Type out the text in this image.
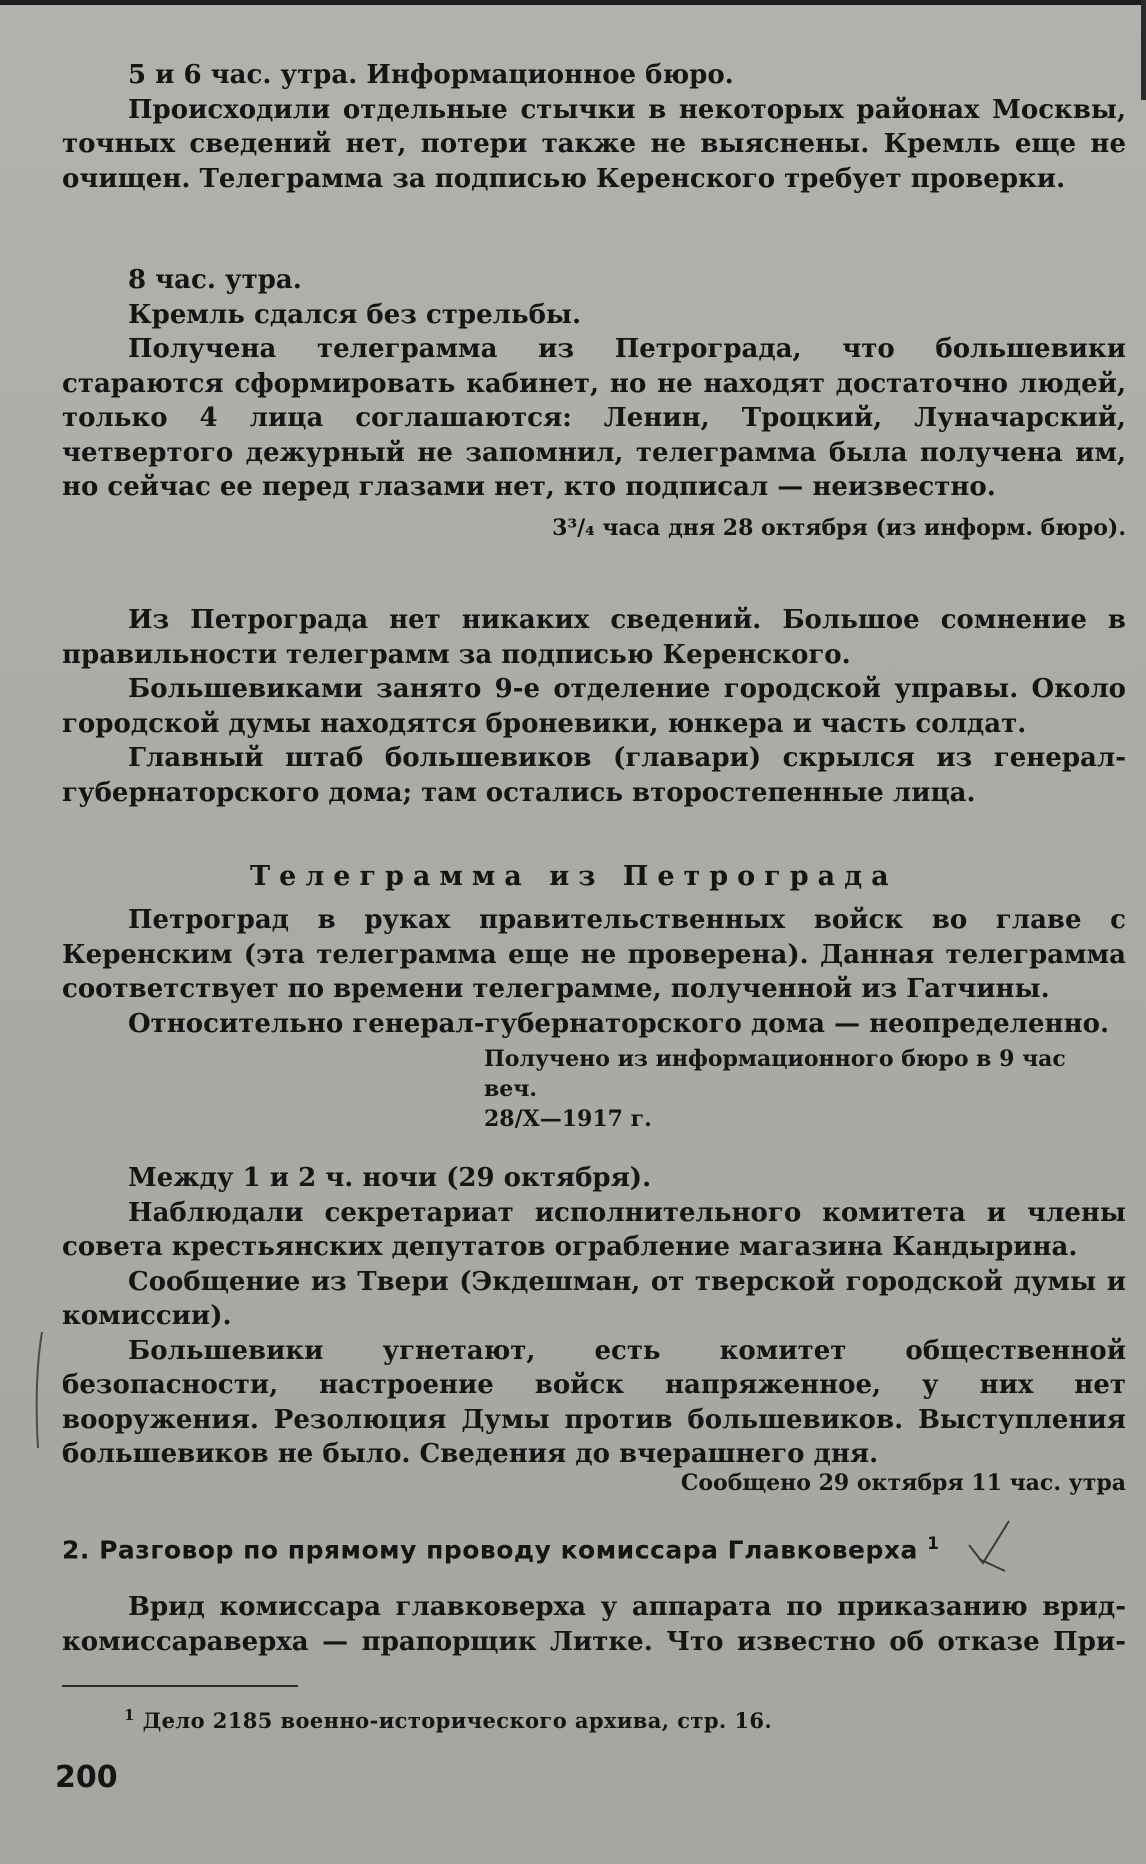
5 и 6 час. утра. Информационное бюро.

Происходили отдельные стычки в некоторых районах Москвы, точных сведений нет, потери также не выяснены. Кремль еще не очищен. Телеграмма за подписью Керенского требует проверки.

8 час. утра.

Кремль сдался без стрельбы.

Получена телеграмма из Петрограда, что большевики стараются сформировать кабинет, но не находят достаточно людей, только 4 лица соглашаются: Ленин, Троцкий, Луначарский, четвертого дежурный не запомнил, телеграмма была получена им, но сейчас ее перед глазами нет, кто подписал — неизвестно.

3³/₄ часа дня 28 октября (из информ. бюро).

Из Петрограда нет никаких сведений. Большое сомнение в правильности телеграмм за подписью Керенского.

Большевиками занято 9-е отделение городской управы. Около городской думы находятся броневики, юнкера и часть солдат.

Главный штаб большевиков (главари) скрылся из генерал-губернаторского дома; там остались второстепенные лица.

Телеграмма из Петрограда

Петроград в руках правительственных войск во главе с Керенским (эта телеграмма еще не проверена). Данная телеграмма соответствует по времени телеграмме, полученной из Гатчины.

Относительно генерал-губернаторского дома — неопределенно.

Получено из информационного бюро в 9 час веч.
28/X—1917 г.

Между 1 и 2 ч. ночи (29 октября).

Наблюдали секретариат исполнительного комитета и члены совета крестьянских депутатов ограбление магазина Кандырина.

Сообщение из Твери (Экдешман, от тверской городской думы и комиссии).

Большевики угнетают, есть комитет общественной безопасности, настроение войск напряженное, у них нет вооружения. Резолюция Думы против большевиков. Выступления большевиков не было. Сведения до вчерашнего дня.

Сообщено 29 октября 11 час. утра
2. Разговор по прямому проводу комиссара Главковерха $^1$

Врид комиссара главковерха у аппарата по приказанию врид-комиссараверха — прапорщик Литке. Что известно об отказе При-

$^1$ Дело 2185 военно-исторического архива, стр. 16.
200
